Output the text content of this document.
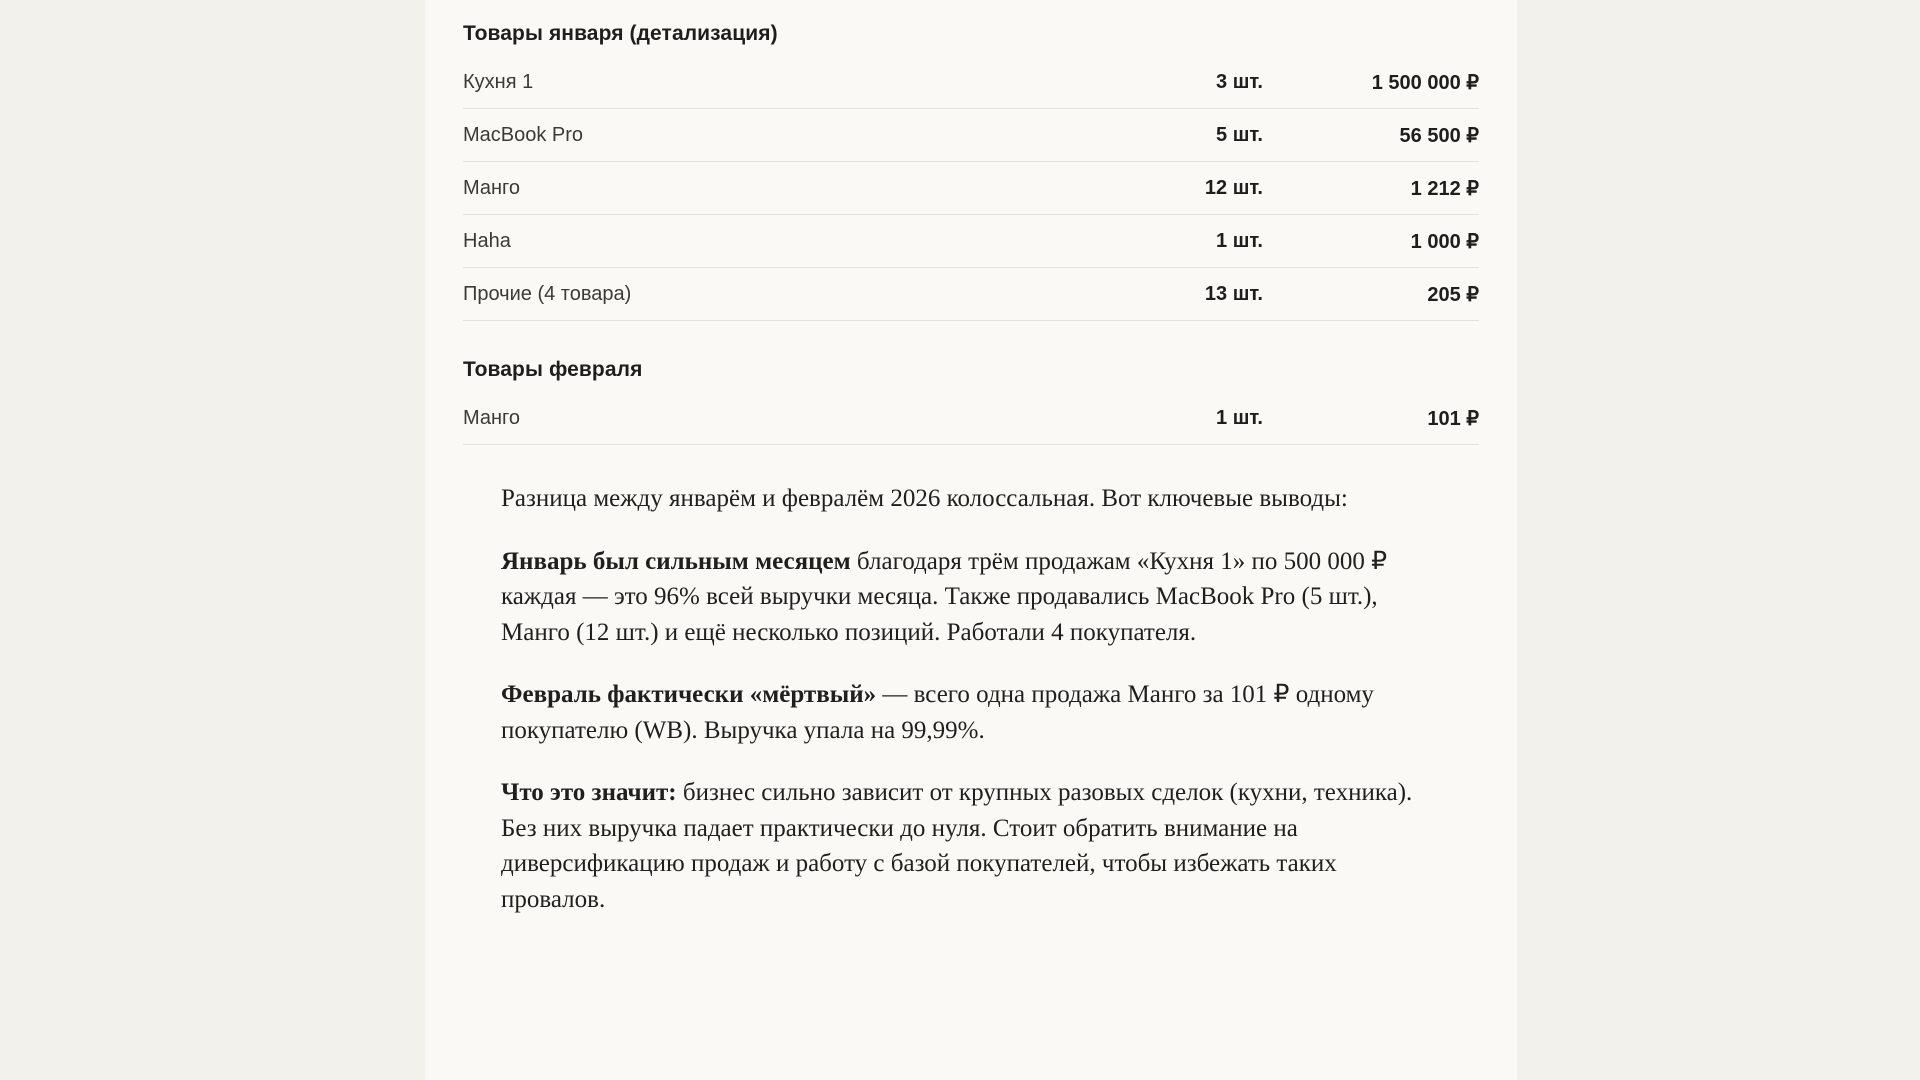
Товары января (детализация)
Кухня 1	3 шт.	1 500 000 ₽
MacBook Pro	5 шт.	56 500 ₽
Манго	12 шт.	1 212 ₽
Haha	1 шт.	1 000 ₽
Прочие (4 товара)	13 шт.	205 ₽
Товары февраля
Манго	1 шт.	101 ₽

Разница между январём и февралём 2026 колоссальная. Вот ключевые выводы:

Январь был сильным месяцем благодаря трём продажам «Кухня 1» по 500 000 ₽ каждая — это 96% всей выручки месяца. Также продавались MacBook Pro (5 шт.), Манго (12 шт.) и ещё несколько позиций. Работали 4 покупателя.

Февраль фактически «мёртвый» — всего одна продажа Манго за 101 ₽ одному покупателю (WB). Выручка упала на 99,99%.

Что это значит: бизнес сильно зависит от крупных разовых сделок (кухни, техника). Без них выручка падает практически до нуля. Стоит обратить внимание на диверсификацию продаж и работу с базой покупателей, чтобы избежать таких провалов.
